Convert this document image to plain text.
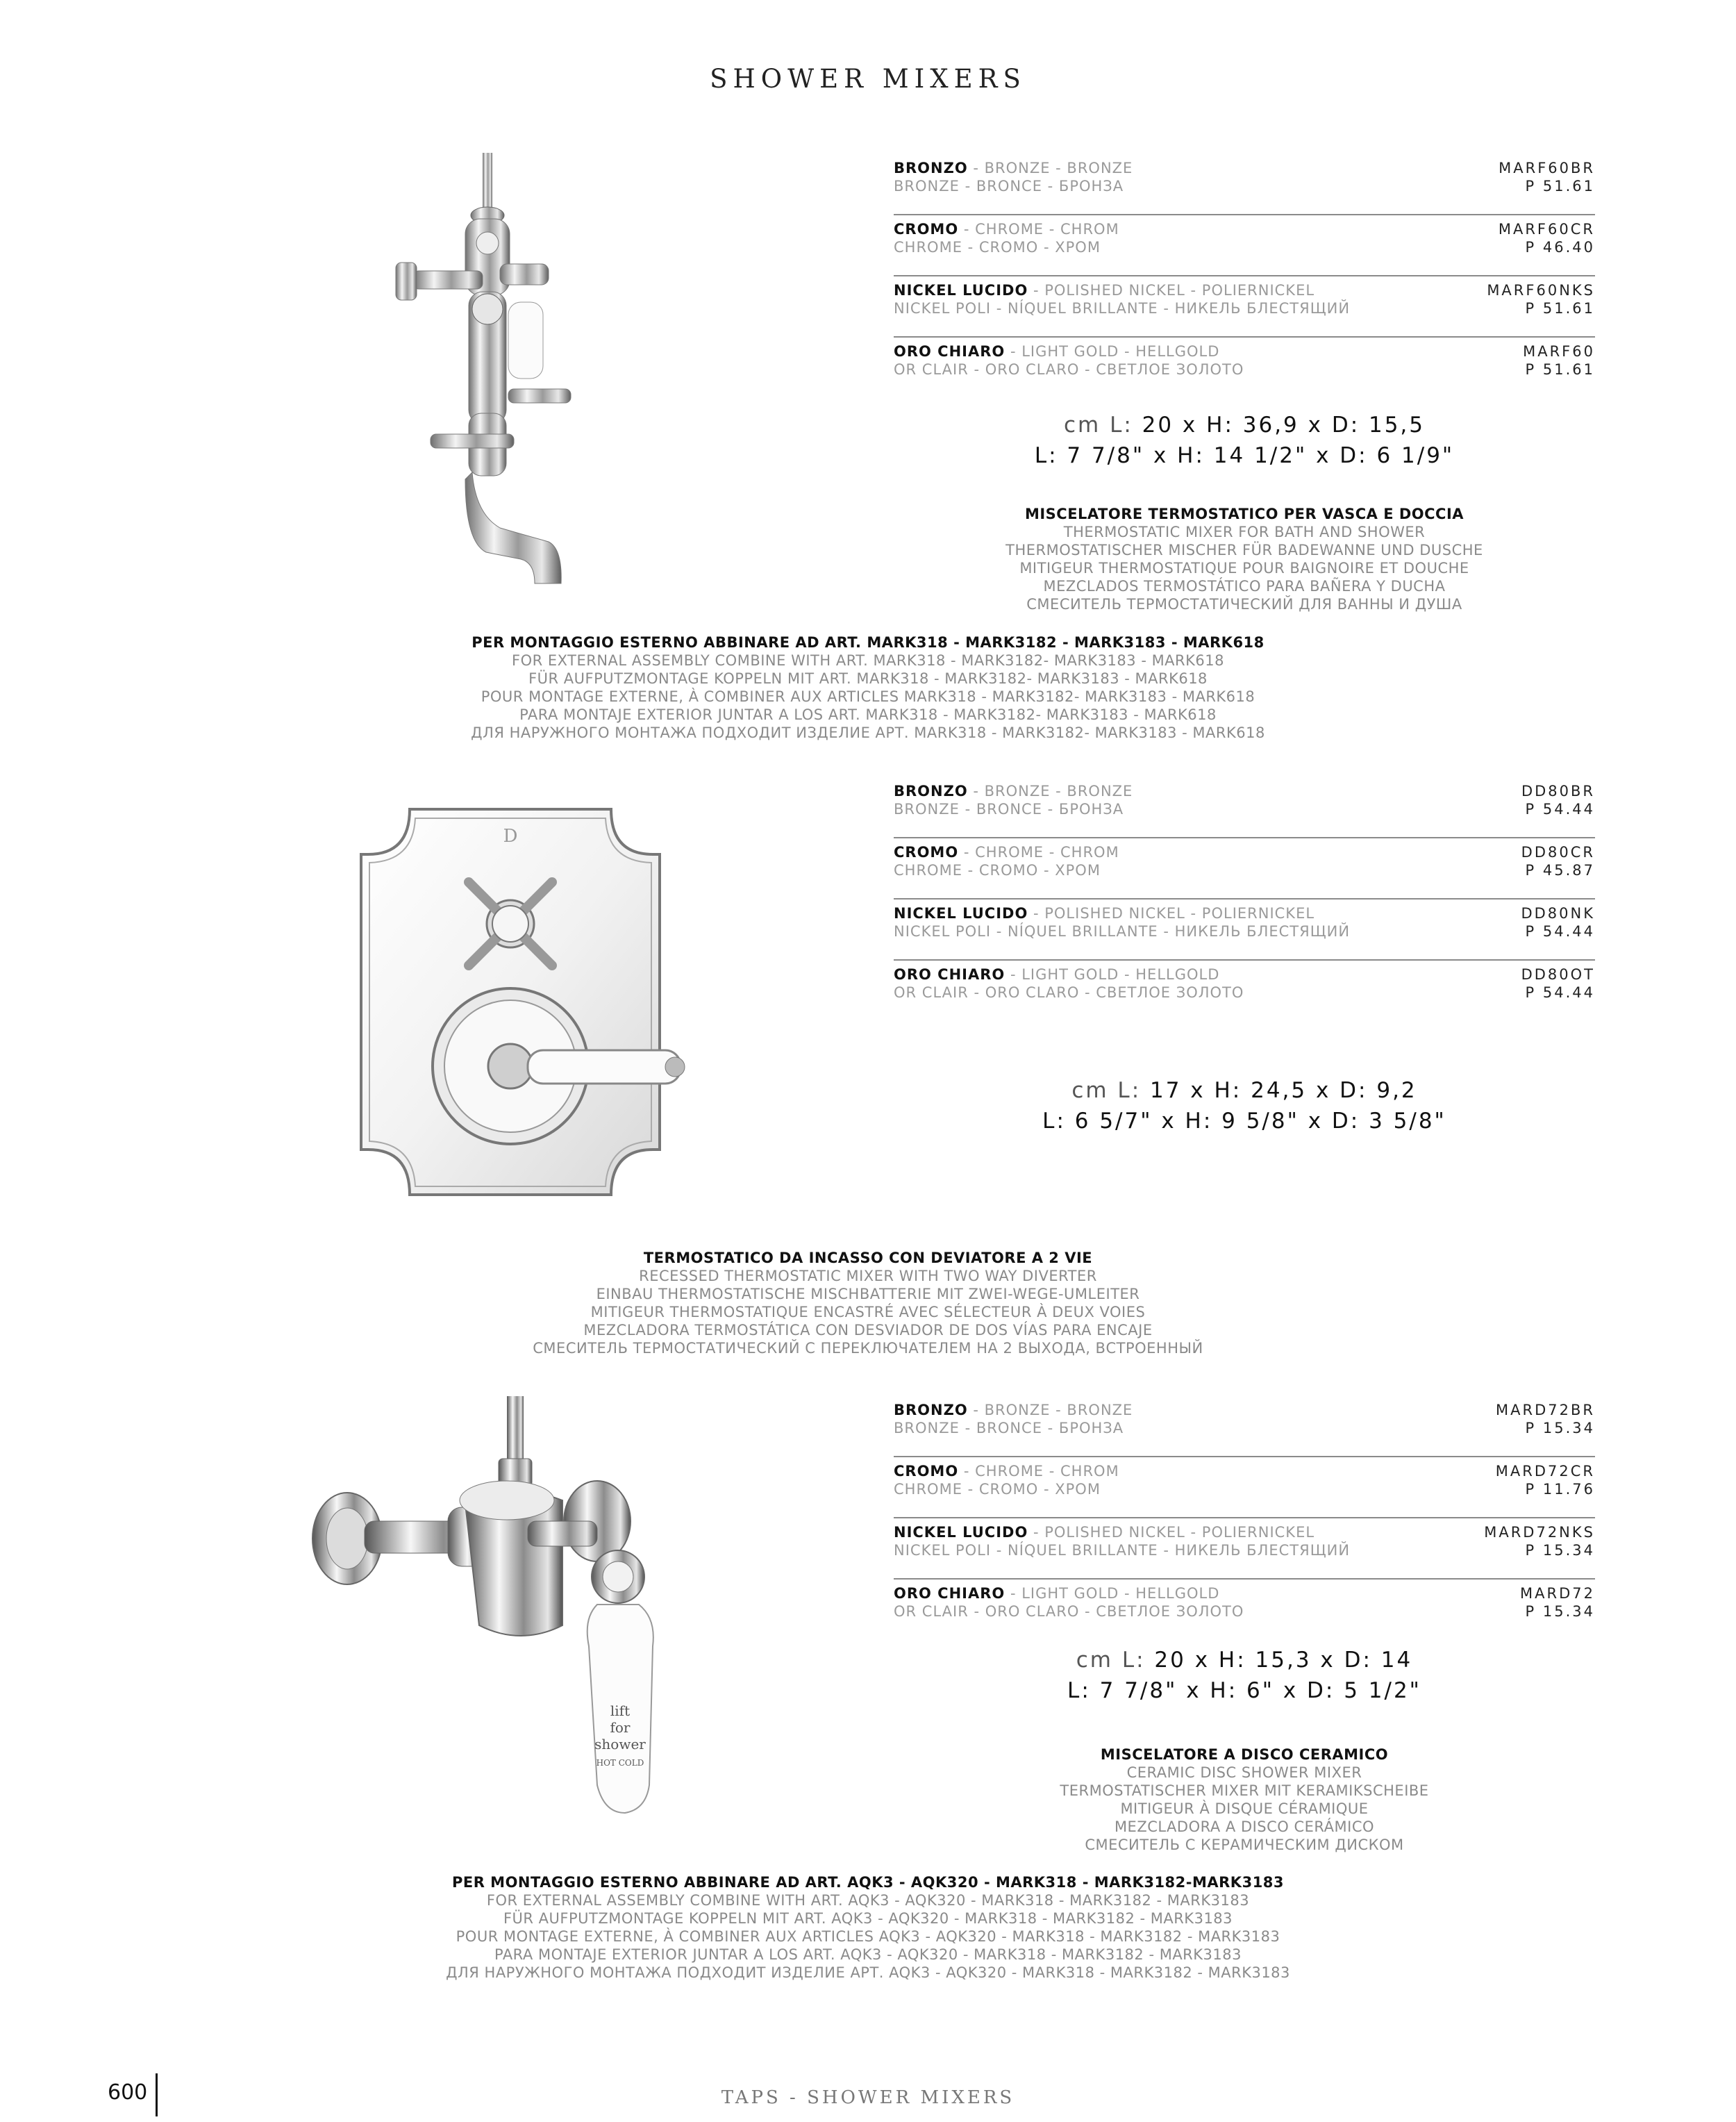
SHOWER MIXERS
BRONZO - BRONZE - BRONZE
BRONZE - BRONCE - БРОНЗА
MARF60BR
P 51.61
CROMO - CHROME - CHROM
CHROME - CROMO - ХРОМ
MARF60CR
P 46.40
NICKEL LUCIDO - POLISHED NICKEL - POLIERNICKEL
NICKEL POLI - NÍQUEL BRILLANTE - НИКЕЛЬ БЛЕСТЯЩИЙ
MARF60NKS
P 51.61
ORO CHIARO - LIGHT GOLD - HELLGOLD
OR CLAIR - ORO CLARO - СВЕТЛОЕ ЗОЛОТО
MARF60
P 51.61
cm L: 20 x H: 36,9 x D: 15,5
L: 7 7/8" x H: 14 1/2" x D: 6 1/9"
MISCELATORE TERMOSTATICO PER VASCA E DOCCIA
THERMOSTATIC MIXER FOR BATH AND SHOWER
THERMOSTATISCHER MISCHER FÜR BADEWANNE UND DUSCHE
MITIGEUR THERMOSTATIQUE POUR BAIGNOIRE ET DOUCHE
MEZCLADOS TERMOSTÁTICO PARA BAÑERA Y DUCHA
СМЕСИТЕЛЬ ТЕРМОСТАТИЧЕСКИЙ ДЛЯ ВАННЫ И ДУША
PER MONTAGGIO ESTERNO ABBINARE AD ART. MARK318 - MARK3182 - MARK3183 - MARK618
FOR EXTERNAL ASSEMBLY COMBINE WITH ART. MARK318 - MARK3182- MARK3183 - MARK618
FÜR AUFPUTZMONTAGE KOPPELN MIT ART. MARK318 - MARK3182- MARK3183 - MARK618
POUR MONTAGE EXTERNE, À COMBINER AUX ARTICLES MARK318 - MARK3182- MARK3183 - MARK618
PARA MONTAJE EXTERIOR JUNTAR A LOS ART. MARK318 - MARK3182- MARK3183 - MARK618
ДЛЯ НАРУЖНОГО МОНТАЖА ПОДХОДИТ ИЗДЕЛИЕ АРТ. MARK318 - MARK3182- MARK3183 - MARK618
D
BRONZO - BRONZE - BRONZE
BRONZE - BRONCE - БРОНЗА
DD80BR
P 54.44
CROMO - CHROME - CHROM
CHROME - CROMO - ХРОМ
DD80CR
P 45.87
NICKEL LUCIDO - POLISHED NICKEL - POLIERNICKEL
NICKEL POLI - NÍQUEL BRILLANTE - НИКЕЛЬ БЛЕСТЯЩИЙ
DD80NK
P 54.44
ORO CHIARO - LIGHT GOLD - HELLGOLD
OR CLAIR - ORO CLARO - СВЕТЛОЕ ЗОЛОТО
DD80OT
P 54.44
cm L: 17 x H: 24,5 x D: 9,2
L: 6 5/7" x H: 9 5/8" x D: 3 5/8"
TERMOSTATICO DA INCASSO CON DEVIATORE A 2 VIE
RECESSED THERMOSTATIC MIXER WITH TWO WAY DIVERTER
EINBAU THERMOSTATISCHE MISCHBATTERIE MIT ZWEI-WEGE-UMLEITER
MITIGEUR THERMOSTATIQUE ENCASTRÉ AVEC SÉLECTEUR À DEUX VOIES
MEZCLADORA TERMOSTÁTICA CON DESVIADOR DE DOS VÍAS PARA ENCAJE
СМЕСИТЕЛЬ ТЕРМОСТАТИЧЕСКИЙ С ПЕРЕКЛЮЧАТЕЛЕМ НА 2 ВЫХОДА, ВСТРОЕННЫЙ
lift
for
shower
HOT COLD
BRONZO - BRONZE - BRONZE
BRONZE - BRONCE - БРОНЗА
MARD72BR
P 15.34
CROMO - CHROME - CHROM
CHROME - CROMO - ХРОМ
MARD72CR
P 11.76
NICKEL LUCIDO - POLISHED NICKEL - POLIERNICKEL
NICKEL POLI - NÍQUEL BRILLANTE - НИКЕЛЬ БЛЕСТЯЩИЙ
MARD72NKS
P 15.34
ORO CHIARO - LIGHT GOLD - HELLGOLD
OR CLAIR - ORO CLARO - СВЕТЛОЕ ЗОЛОТО
MARD72
P 15.34
cm L: 20 x H: 15,3 x D: 14
L: 7 7/8" x H: 6" x D: 5 1/2"
MISCELATORE A DISCO CERAMICO
CERAMIC DISC SHOWER MIXER
TERMOSTATISCHER MIXER MIT KERAMIKSCHEIBE
MITIGEUR À DISQUE CÉRAMIQUE
MEZCLADORA A DISCO CERÁMICO
СМЕСИТЕЛЬ С КЕРАМИЧЕСКИМ ДИСКОМ
PER MONTAGGIO ESTERNO ABBINARE AD ART. AQK3 - AQK320 - MARK318 - MARK3182-MARK3183
FOR EXTERNAL ASSEMBLY COMBINE WITH ART. AQK3 - AQK320 - MARK318 - MARK3182 - MARK3183
FÜR AUFPUTZMONTAGE KOPPELN MIT ART. AQK3 - AQK320 - MARK318 - MARK3182 - MARK3183
POUR MONTAGE EXTERNE, À COMBINER AUX ARTICLES AQK3 - AQK320 - MARK318 - MARK3182 - MARK3183
PARA MONTAJE EXTERIOR JUNTAR A LOS ART. AQK3 - AQK320 - MARK318 - MARK3182 - MARK3183
ДЛЯ НАРУЖНОГО МОНТАЖА ПОДХОДИТ ИЗДЕЛИЕ АРТ. AQK3 - AQK320 - MARK318 - MARK3182 - MARK3183
600	TAPS - SHOWER MIXERS
